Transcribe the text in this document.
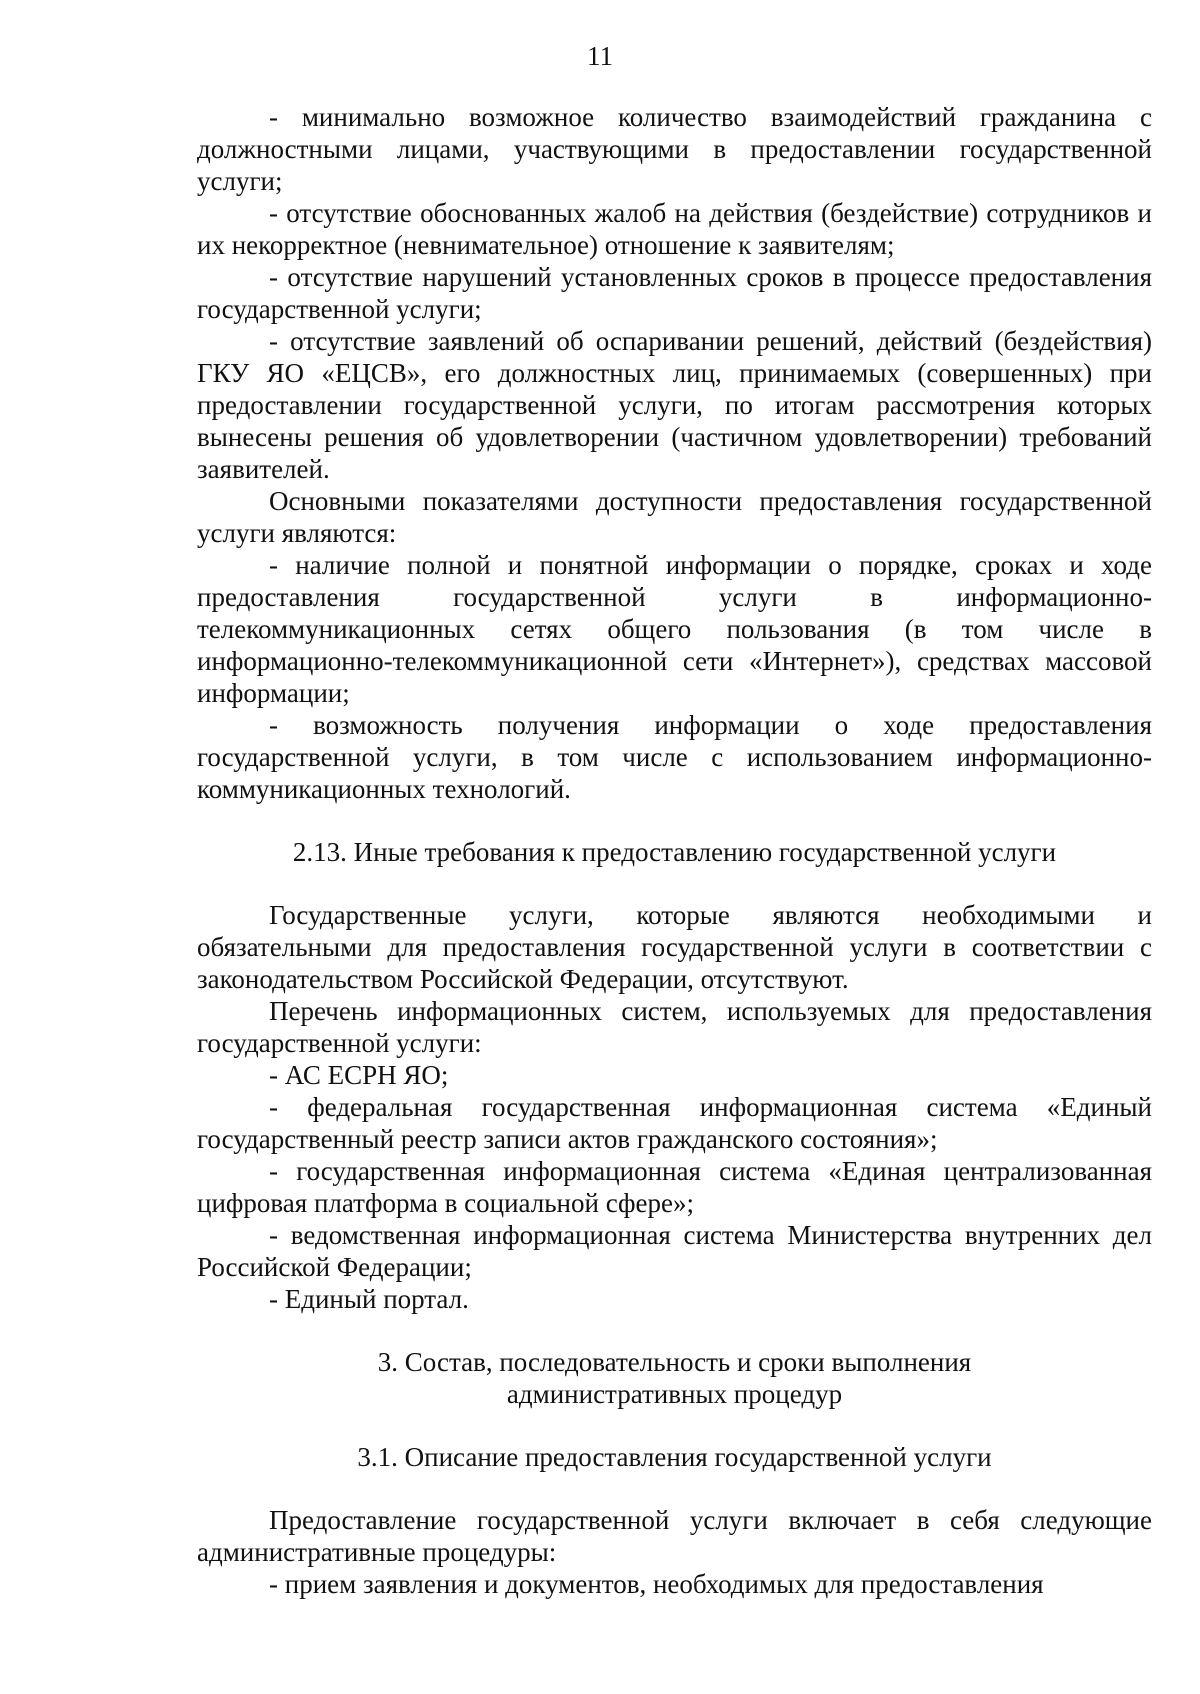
11

- минимально возможное количество взаимодействий гражданина с должностными лицами, участвующими в предоставлении государственной услуги;

- отсутствие обоснованных жалоб на действия (бездействие) сотрудников и их некорректное (невнимательное) отношение к заявителям;

- отсутствие нарушений установленных сроков в процессе предоставления государственной услуги;

- отсутствие заявлений об оспаривании решений, действий (бездействия) ГКУ ЯО «ЕЦСВ», его должностных лиц, принимаемых (совершенных) при предоставлении государственной услуги, по итогам рассмотрения которых вынесены решения об удовлетворении (частичном удовлетворении) требований заявителей.

Основными показателями доступности предоставления государственной услуги являются:

- наличие полной и понятной информации о порядке, сроках и ходе предоставления государственной услуги в информационно-телекоммуникационных сетях общего пользования (в том числе в информационно-телекоммуникационной сети «Интернет»), средствах массовой информации;

- возможность получения информации о ходе предоставления государственной услуги, в том числе с использованием информационно-коммуникационных технологий.

2.13. Иные требования к предоставлению государственной услуги

Государственные услуги, которые являются необходимыми и обязательными для предоставления государственной услуги в соответствии с законодательством Российской Федерации, отсутствуют.

Перечень информационных систем, используемых для предоставления государственной услуги:

- АС ЕСРН ЯО;

- федеральная государственная информационная система «Единый государственный реестр записи актов гражданского состояния»;

- государственная информационная система «Единая централизованная цифровая платформа в социальной сфере»;

- ведомственная информационная система Министерства внутренних дел Российской Федерации;

- Единый портал.

3. Состав, последовательность и сроки выполнения

административных процедур

3.1. Описание предоставления государственной услуги

Предоставление государственной услуги включает в себя следующие административные процедуры:

- прием заявления и документов, необходимых для предоставления
